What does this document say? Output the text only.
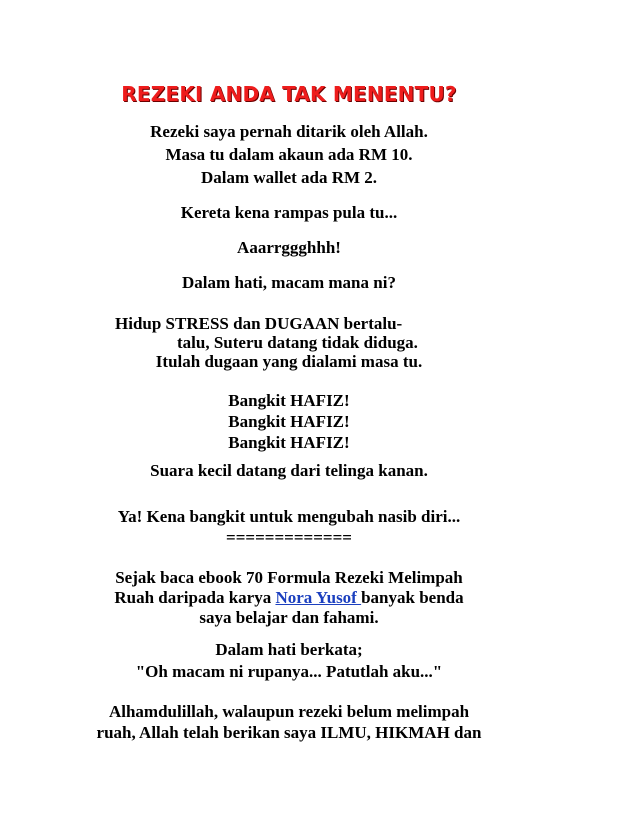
REZEKI ANDA TAK MENENTU?
Rezeki saya pernah ditarik oleh Allah.
Masa tu dalam akaun ada RM 10.
Dalam wallet ada RM 2.
Kereta kena rampas pula tu...
Aaarrggghhh!
Dalam hati, macam mana ni?
Hidup STRESS dan DUGAAN bertalu-
talu, Suteru datang tidak diduga.
Itulah dugaan yang dialami masa tu.
Bangkit HAFIZ!
Bangkit HAFIZ!
Bangkit HAFIZ!
Suara kecil datang dari telinga kanan.
Ya! Kena bangkit untuk mengubah nasib diri...
=============
Sejak baca ebook 70 Formula Rezeki Melimpah
Ruah daripada karya Nora Yusof banyak benda
saya belajar dan fahami.
Dalam hati berkata;
"Oh macam ni rupanya... Patutlah aku..."
Alhamdulillah, walaupun rezeki belum melimpah
ruah, Allah telah berikan saya ILMU, HIKMAH dan
